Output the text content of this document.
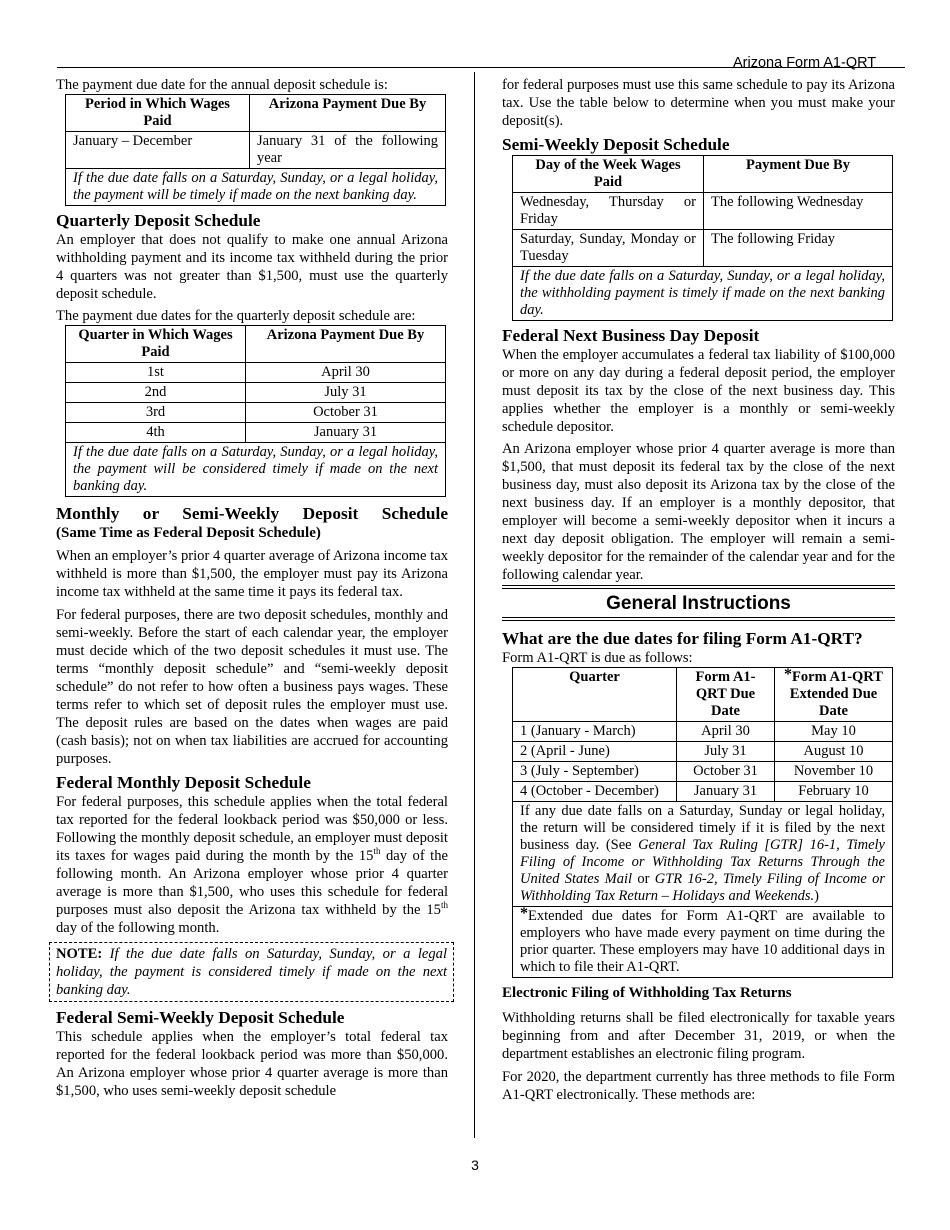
Arizona Form A1-QRT

The payment due date for the annual deposit schedule is:

Period in Which Wages Paid	Arizona Payment Due By
January – December	January 31 of the following year
If the due date falls on a Saturday, Sunday, or a legal holiday, the payment will be timely if made on the next banking day.	
Quarterly Deposit Schedule

An employer that does not qualify to make one annual Arizona withholding payment and its income tax withheld during the prior 4 quarters was not greater than $1,500, must use the quarterly deposit schedule.

The payment due dates for the quarterly deposit schedule are:

Quarter in Which Wages Paid	Arizona Payment Due By
1st	April 30
2nd	July 31
3rd	October 31
4th	January 31
If the due date falls on a Saturday, Sunday, or a legal holiday, the payment will be considered timely if made on the next banking day.	
Monthly or Semi-Weekly Deposit Schedule
(Same Time as Federal Deposit Schedule)

When an employer’s prior 4 quarter average of Arizona income tax withheld is more than $1,500, the employer must pay its Arizona income tax withheld at the same time it pays its federal tax.

For federal purposes, there are two deposit schedules, monthly and semi-weekly. Before the start of each calendar year, the employer must decide which of the two deposit schedules it must use. The terms “monthly deposit schedule” and “semi-weekly deposit schedule” do not refer to how often a business pays wages. These terms refer to which set of deposit rules the employer must use. The deposit rules are based on the dates when wages are paid (cash basis); not on when tax liabilities are accrued for accounting purposes.

Federal Monthly Deposit Schedule

For federal purposes, this schedule applies when the total federal tax reported for the federal lookback period was $50,000 or less. Following the monthly deposit schedule, an employer must deposit its taxes for wages paid during the month by the 15th day of the following month. An Arizona employer whose prior 4 quarter average is more than $1,500, who uses this schedule for federal purposes must also deposit the Arizona tax withheld by the 15th day of the following month.

NOTE: If the due date falls on Saturday, Sunday, or a legal holiday, the payment is considered timely if made on the next banking day.
Federal Semi-Weekly Deposit Schedule

This schedule applies when the employer’s total federal tax reported for the federal lookback period was more than $50,000. An Arizona employer whose prior 4 quarter average is more than $1,500, who uses semi-weekly deposit schedule

for federal purposes must use this same schedule to pay its Arizona tax. Use the table below to determine when you must make your deposit(s).

Semi-Weekly Deposit Schedule
Day of the Week Wages Paid	Payment Due By
Wednesday, Thursday or Friday	The following Wednesday
Saturday, Sunday, Monday or Tuesday	The following Friday
If the due date falls on a Saturday, Sunday, or a legal holiday, the withholding payment is timely if made on the next banking day.	
Federal Next Business Day Deposit

When the employer accumulates a federal tax liability of $100,000 or more on any day during a federal deposit period, the employer must deposit its tax by the close of the next business day. This applies whether the employer is a monthly or semi-weekly schedule depositor.

An Arizona employer whose prior 4 quarter average is more than $1,500, that must deposit its federal tax by the close of the next business day, must also deposit its Arizona tax by the close of the next business day. If an employer is a monthly depositor, that employer will become a semi-weekly depositor when it incurs a next day deposit obligation. The employer will remain a semi-weekly depositor for the remainder of the calendar year and for the following calendar year.

General Instructions
What are the due dates for filing Form A1-QRT?

Form A1-QRT is due as follows:

Quarter	Form A1-QRT Due Date	*Form A1-QRT Extended Due Date
1 (January - March)	April 30	May 10
2 (April - June)	July 31	August 10
3 (July - September)	October 31	November 10
4 (October - December)	January 31	February 10
If any due date falls on a Saturday, Sunday or legal holiday, the return will be considered timely if it is filed by the next business day. (See General Tax Ruling [GTR] 16-1, Timely Filing of Income or Withholding Tax Returns Through the United States Mail or GTR 16-2, Timely Filing of Income or Withholding Tax Return – Holidays and Weekends.)		
*Extended due dates for Form A1-QRT are available to employers who have made every payment on time during the prior quarter. These employers may have 10 additional days in which to file their A1-QRT.		
Electronic Filing of Withholding Tax Returns

Withholding returns shall be filed electronically for taxable years beginning from and after December 31, 2019, or when the department establishes an electronic filing program.

For 2020, the department currently has three methods to file Form A1-QRT electronically. These methods are:

3
